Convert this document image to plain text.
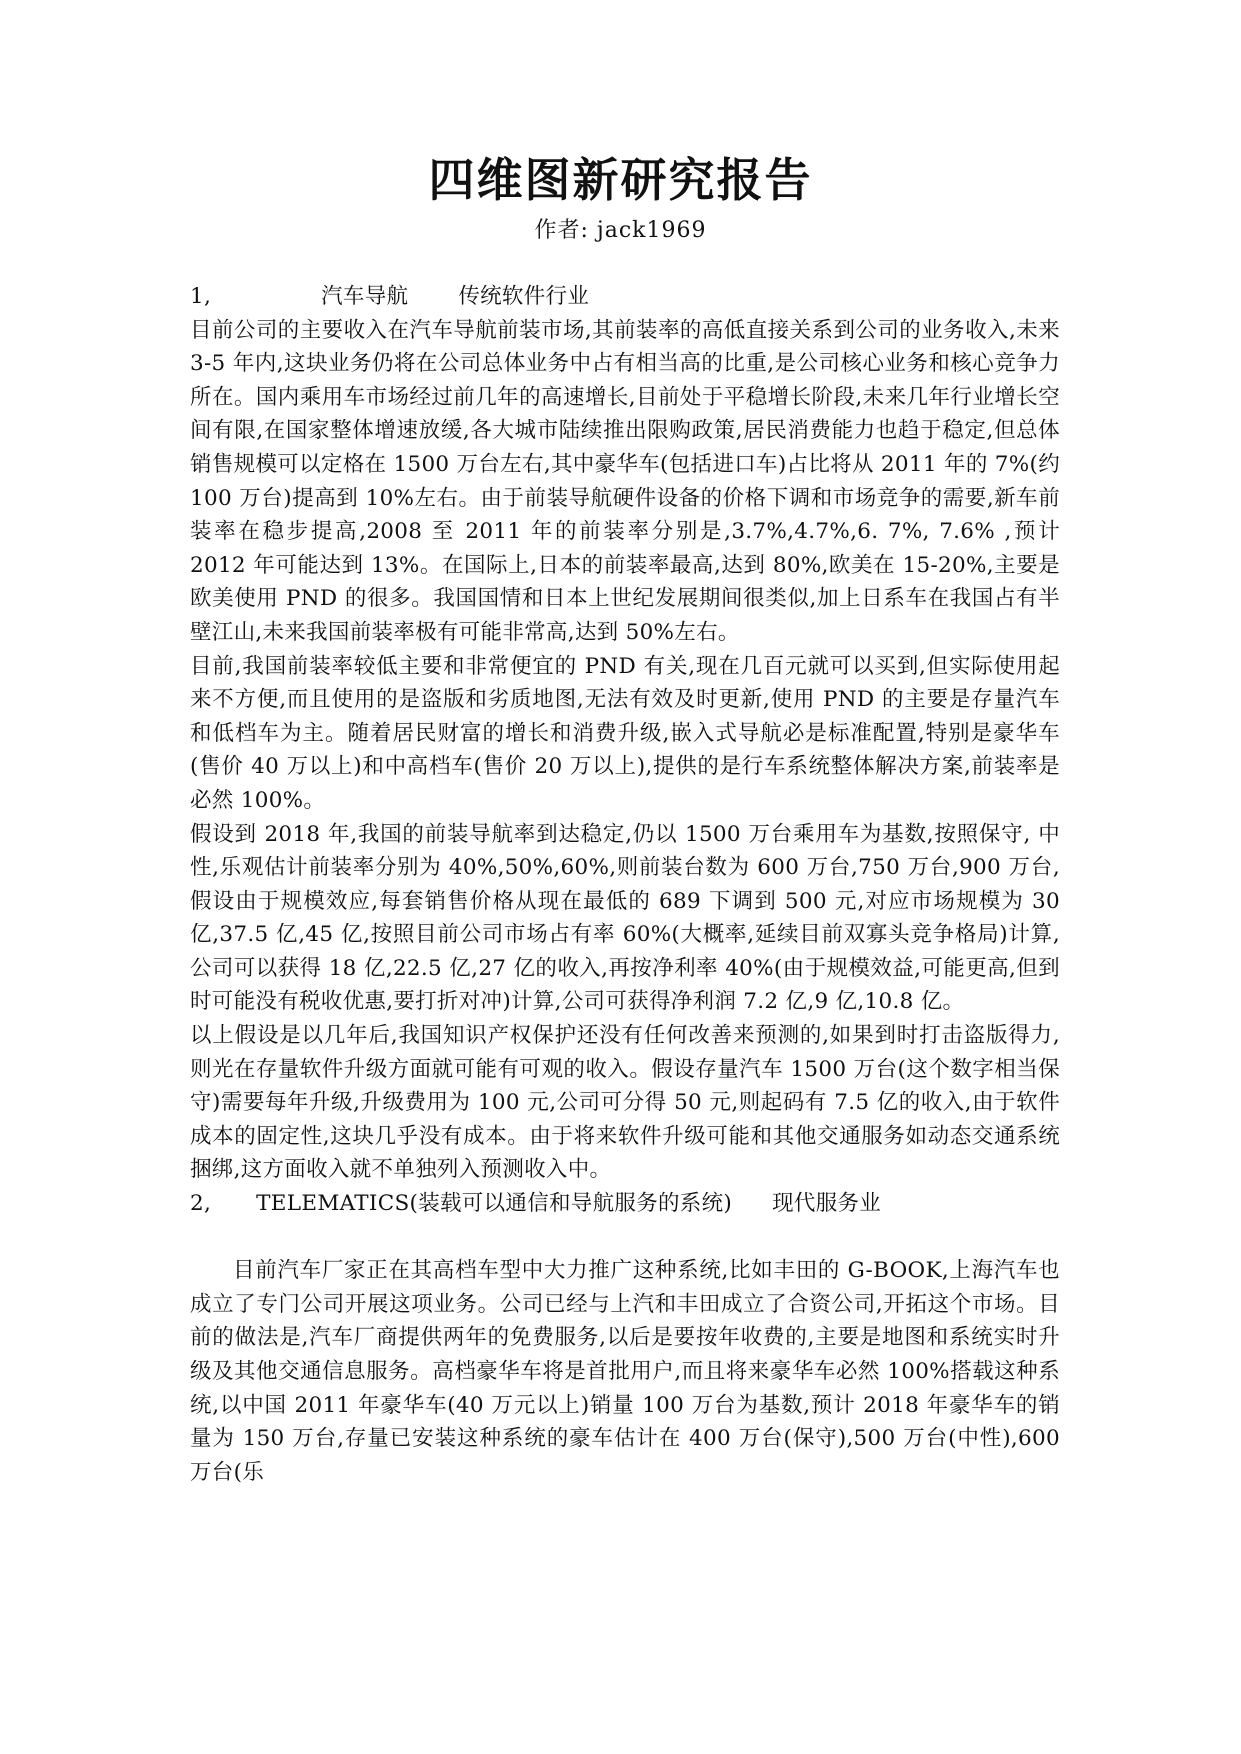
四维图新研究报告
作者: jack1969

1,	汽车导航 传统软件行业

目前公司的主要收入在汽车导航前装市场,其前装率的高低直接关系到公司的业务收入,未来 3-5 年内,这块业务仍将在公司总体业务中占有相当高的比重,是公司核心业务和核心竞争力所在。国内乘用车市场经过前几年的高速增长,目前处于平稳增长阶段,未来几年行业增长空间有限,在国家整体增速放缓,各大城市陆续推出限购政策,居民消费能力也趋于稳定,但总体销售规模可以定格在 1500 万台左右,其中豪华车(包括进口车)占比将从 2011 年的 7%(约 100 万台)提高到 10%左右。由于前装导航硬件设备的价格下调和市场竞争的需要,新车前装率在稳步提高,2008 至 2011 年的前装率分别是,3.7%,4.7%,6. 7%, 7.6% ,预计 2012 年可能达到 13%。在国际上,日本的前装率最高,达到 80%,欧美在 15-20%,主要是欧美使用 PND 的很多。我国国情和日本上世纪发展期间很类似,加上日系车在我国占有半壁江山,未来我国前装率极有可能非常高,达到 50%左右。

目前,我国前装率较低主要和非常便宜的 PND 有关,现在几百元就可以买到,但实际使用起来不方便,而且使用的是盗版和劣质地图,无法有效及时更新,使用 PND 的主要是存量汽车和低档车为主。随着居民财富的增长和消费升级,嵌入式导航必是标准配置,特别是豪华车(售价 40 万以上)和中高档车(售价 20 万以上),提供的是行车系统整体解决方案,前装率是必然 100%。

假设到 2018 年,我国的前装导航率到达稳定,仍以 1500 万台乘用车为基数,按照保守, 中性,乐观估计前装率分别为 40%,50%,60%,则前装台数为 600 万台,750 万台,900 万台,假设由于规模效应,每套销售价格从现在最低的 689 下调到 500 元,对应市场规模为 30 亿,37.5 亿,45 亿,按照目前公司市场占有率 60%(大概率,延续目前双寡头竞争格局)计算,公司可以获得 18 亿,22.5 亿,27 亿的收入,再按净利率 40%(由于规模效益,可能更高,但到时可能没有税收优惠,要打折对冲)计算,公司可获得净利润 7.2 亿,9 亿,10.8 亿。

以上假设是以几年后,我国知识产权保护还没有任何改善来预测的,如果到时打击盗版得力,则光在存量软件升级方面就可能有可观的收入。假设存量汽车 1500 万台(这个数字相当保守)需要每年升级,升级费用为 100 元,公司可分得 50 元,则起码有 7.5 亿的收入,由于软件成本的固定性,这块几乎没有成本。由于将来软件升级可能和其他交通服务如动态交通系统捆绑,这方面收入就不单独列入预测收入中。

2, TELEMATICS(装载可以通信和导航服务的系统) 现代服务业

目前汽车厂家正在其高档车型中大力推广这种系统,比如丰田的 G-BOOK,上海汽车也成立了专门公司开展这项业务。公司已经与上汽和丰田成立了合资公司,开拓这个市场。目前的做法是,汽车厂商提供两年的免费服务,以后是要按年收费的,主要是地图和系统实时升级及其他交通信息服务。高档豪华车将是首批用户,而且将来豪华车必然 100%搭载这种系统,以中国 2011 年豪华车(40 万元以上)销量 100 万台为基数,预计 2018 年豪华车的销量为 150 万台,存量已安装这种系统的豪车估计在 400 万台(保守),500 万台(中性),600 万台(乐
